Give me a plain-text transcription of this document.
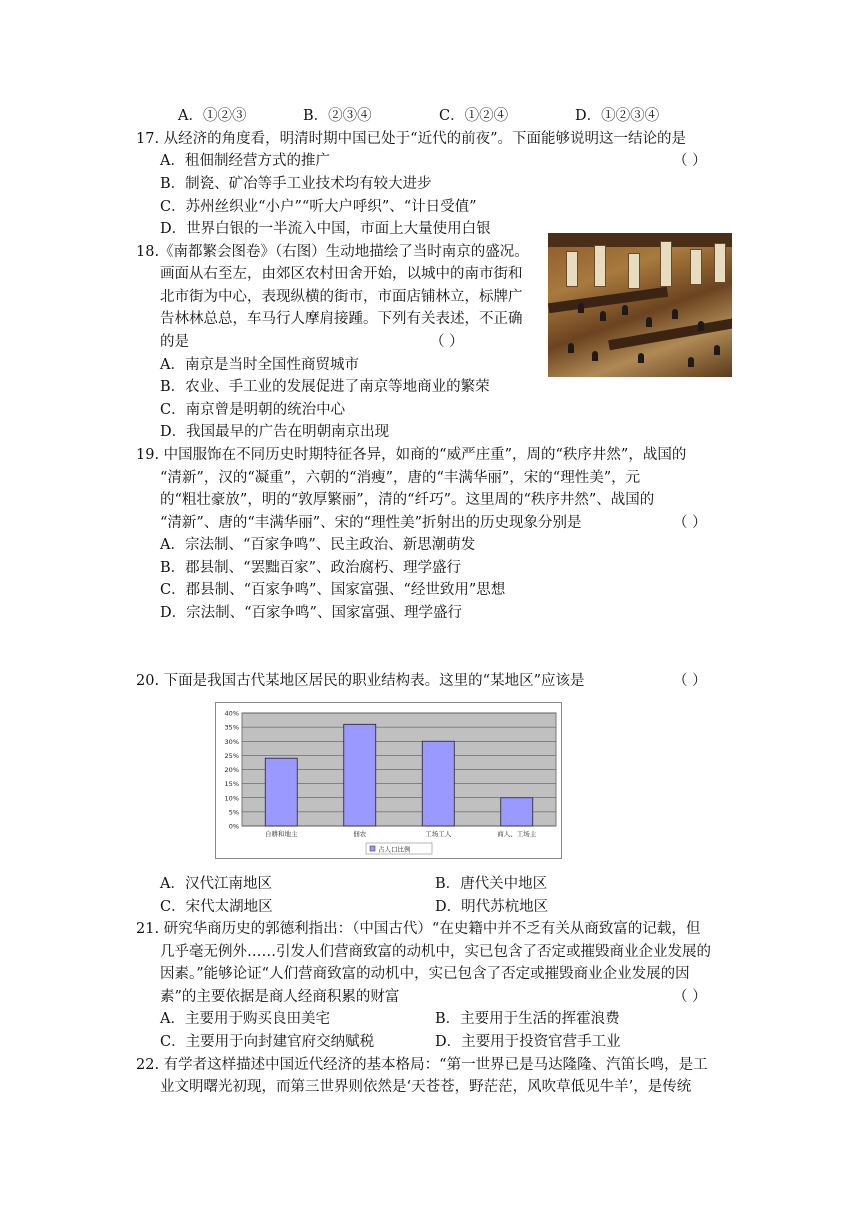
A．①②③	B．②③④	C．①②④	D．①②③④
17. 从经济的角度看，明清时期中国已处于“近代的前夜”。下面能够说明这一结论的是
（ ）
A．租佃制经营方式的推广
B．制瓷、矿冶等手工业技术均有较大进步
C．苏州丝织业“小户”“听大户呼织”、“计日受值”
D．世界白银的一半流入中国，市面上大量使用白银
18.《南都繁会图卷》（右图）生动地描绘了当时南京的盛况。
画面从右至左，由郊区农村田舍开始，以城中的南市街和
北市街为中心，表现纵横的街市，市面店铺林立，标牌广
告林林总总，车马行人摩肩接踵。下列有关表述，不正确
的是	（ ）
A．南京是当时全国性商贸城市
B．农业、手工业的发展促进了南京等地商业的繁荣
C．南京曾是明朝的统治中心
D．我国最早的广告在明朝南京出现
19. 中国服饰在不同历史时期特征各异，如商的“威严庄重”，周的“秩序井然”，战国的
“清新”，汉的“凝重”，六朝的“消瘦”，唐的“丰满华丽”，宋的“理性美”，元
的“粗壮豪放”，明的“敦厚繁丽”，清的“纤巧”。这里周的“秩序井然”、战国的
“清新”、唐的“丰满华丽”、宋的“理性美”折射出的历史现象分别是	（ ）
A．宗法制、“百家争鸣”、民主政治、新思潮萌发
B．郡县制、“罢黜百家”、政治腐朽、理学盛行
C．郡县制、“百家争鸣”、国家富强、“经世致用”思想
D．宗法制、“百家争鸣”、国家富强、理学盛行
20. 下面是我国古代某地区居民的职业结构表。这里的“某地区”应该是	（ ）
0%
5%
10%
15%
20%
25%
30%
35%
40%
自耕和地主	佃农	工场工人	商人、工场主
占人口比例
A．汉代江南地区	B．唐代关中地区
C．宋代太湖地区	D．明代苏杭地区
21. 研究华商历史的郭德利指出：（中国古代）“在史籍中并不乏有关从商致富的记载，但
几乎毫无例外……引发人们营商致富的动机中，实已包含了否定或摧毁商业企业发展的
因素。”能够论证“人们营商致富的动机中，实已包含了否定或摧毁商业企业发展的因
素”的主要依据是商人经商积累的财富	（ ）
A．主要用于购买良田美宅	B．主要用于生活的挥霍浪费
C．主要用于向封建官府交纳赋税	D．主要用于投资官营手工业
22. 有学者这样描述中国近代经济的基本格局：“第一世界已是马达隆隆、汽笛长鸣，是工
业文明曙光初现，而第三世界则依然是‘天苍苍，野茫茫，风吹草低见牛羊’，是传统
